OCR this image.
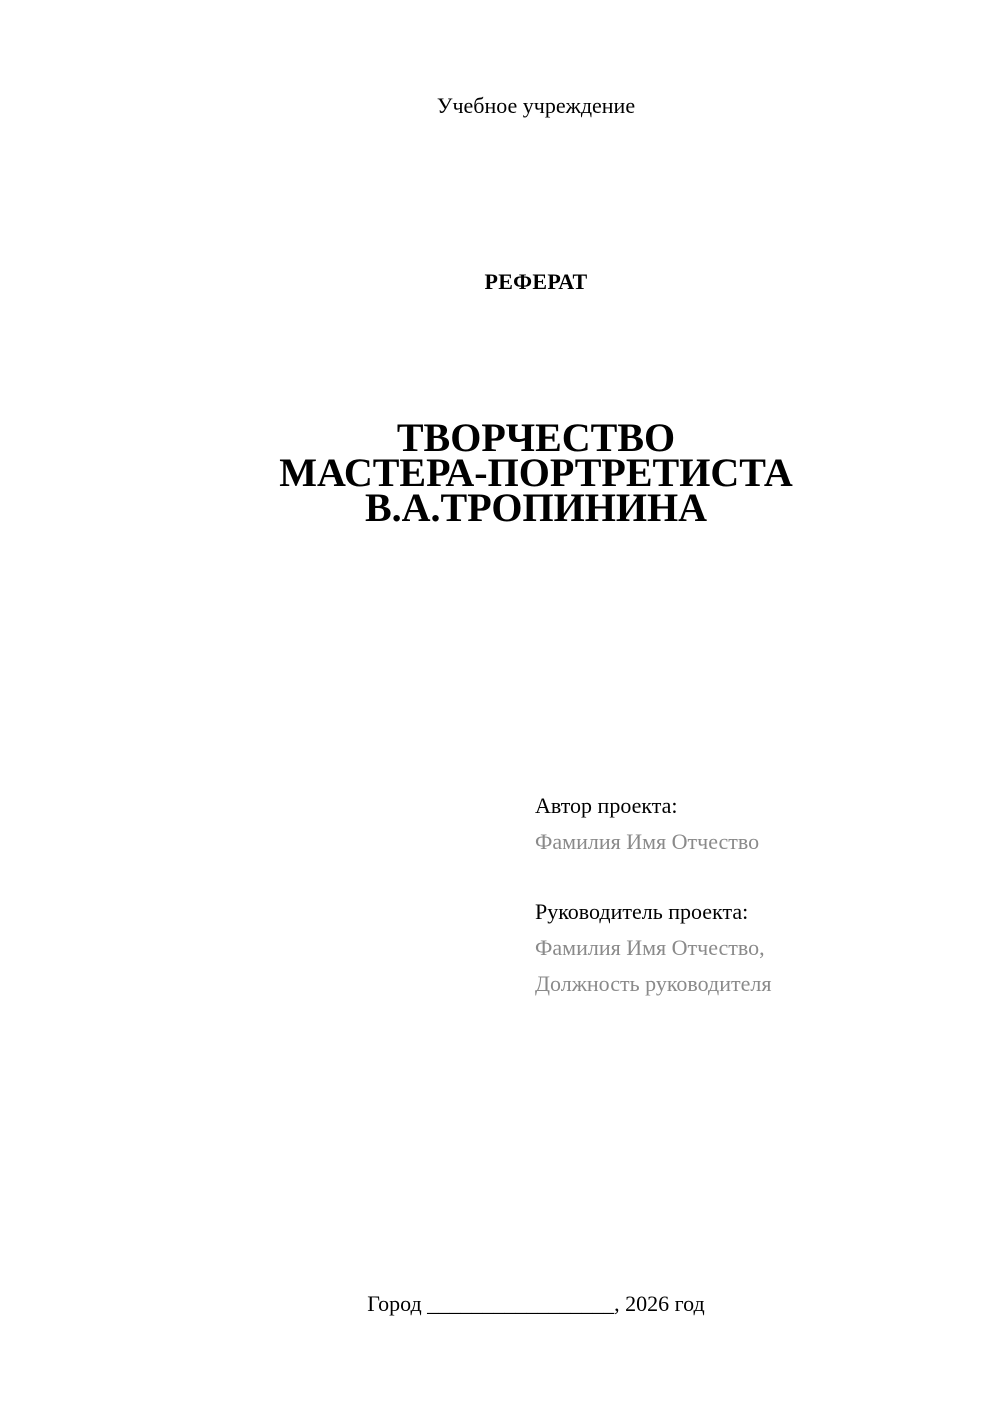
Учебное учреждение
РЕФЕРАТ
ТВОРЧЕСТВО
МАСТЕРА-ПОРТРЕТИСТА
В.А.ТРОПИНИНА
Автор проекта:
Фамилия Имя Отчество
Руководитель проекта:
Фамилия Имя Отчество,
Должность руководителя
Город _________________, 2026 год
